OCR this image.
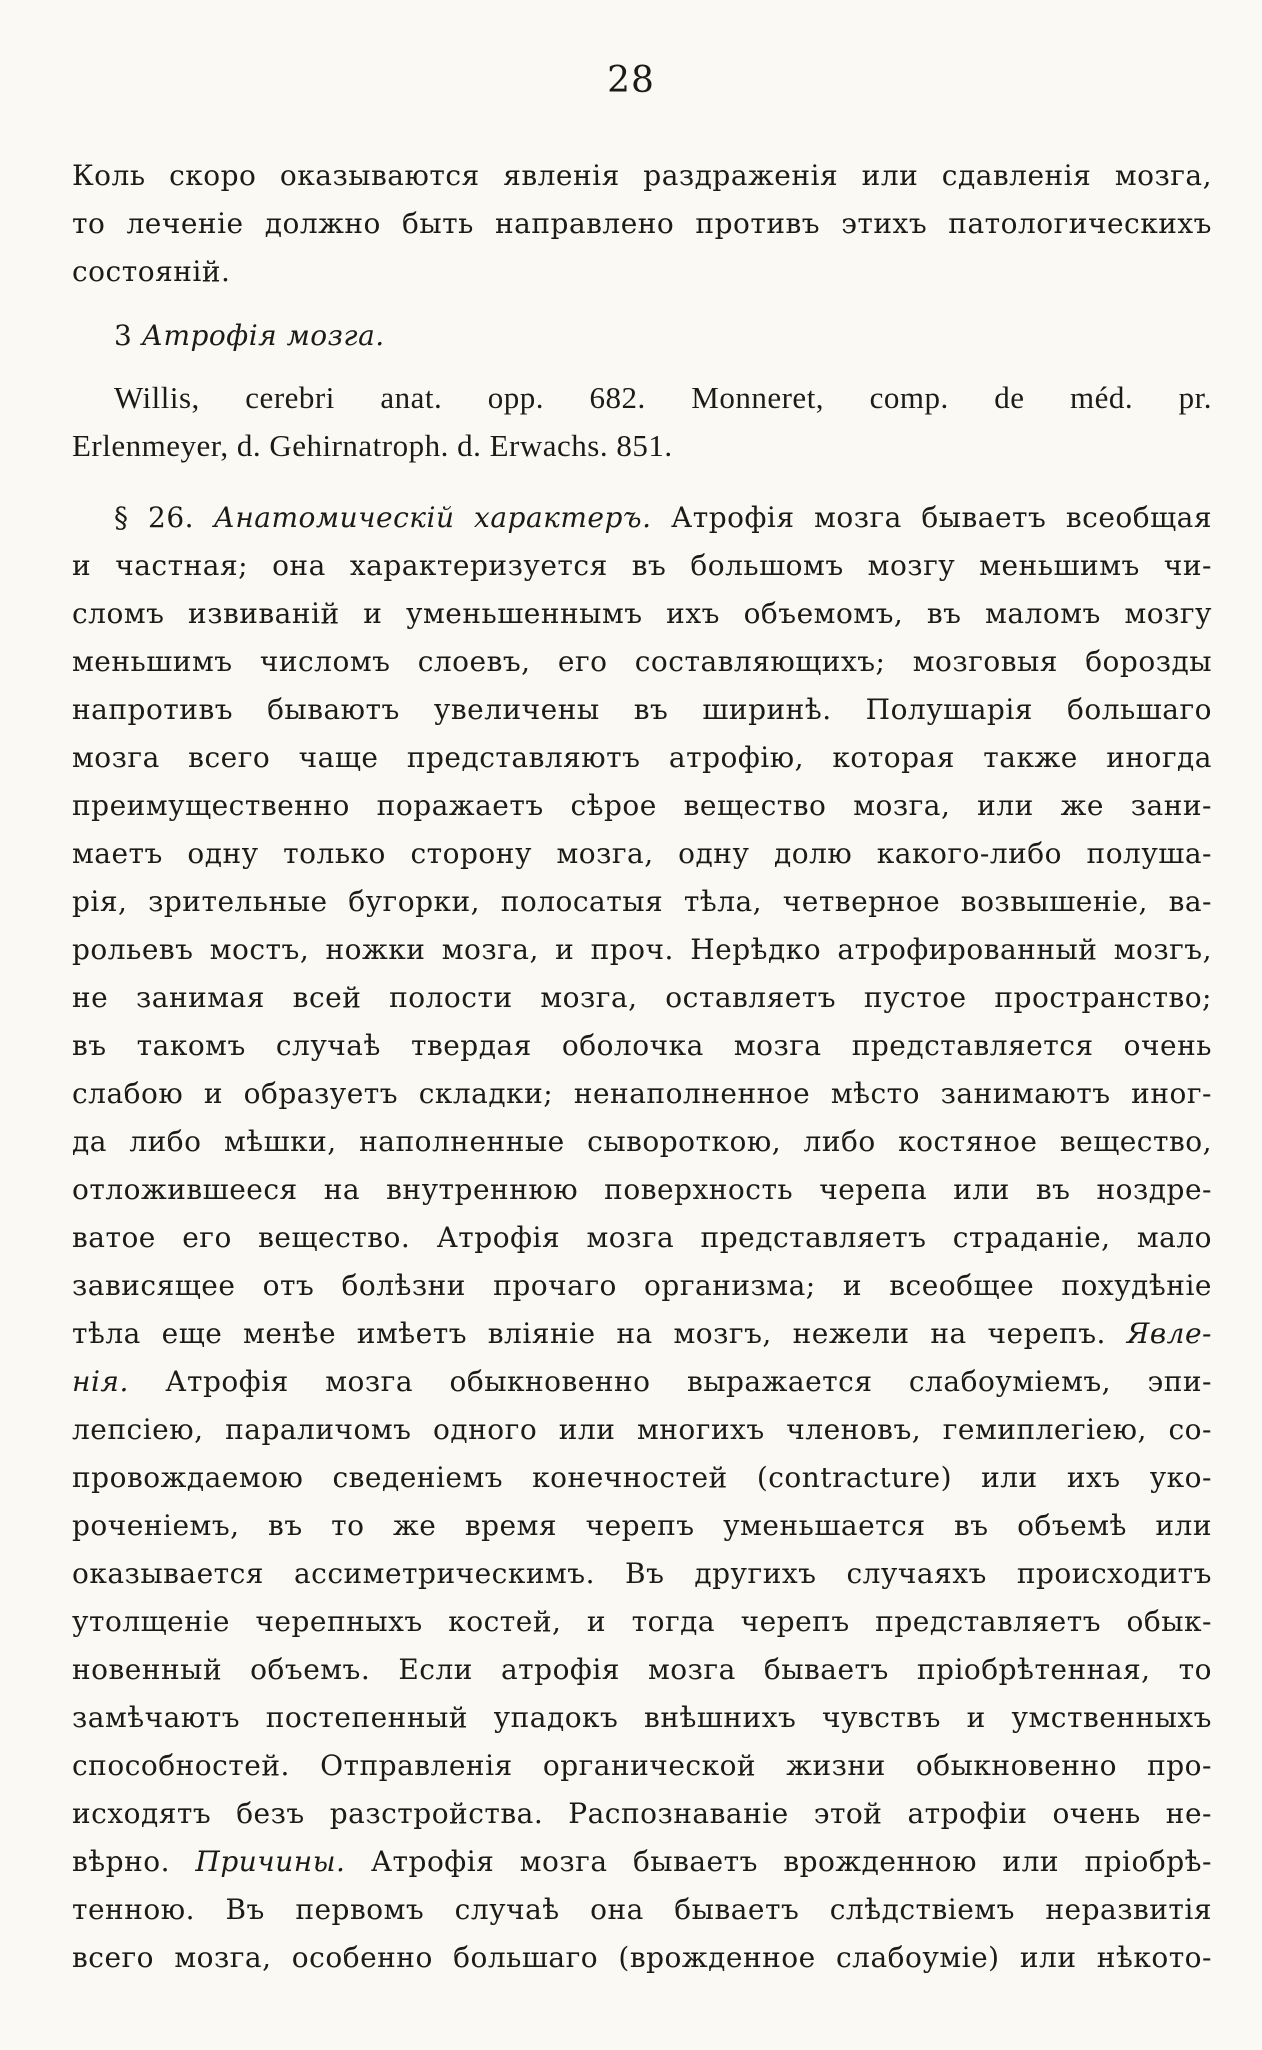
28
Коль скоро оказываются явленія раздраженія или сдавленія мозга,
то леченіе должно быть направлено противъ этихъ патологическихъ
состояній.
3 Атрофія мозга.
Willis, cerebri anat. opp. 682. Monneret, comp. de méd. pr.
Erlenmeyer, d. Gehirnatroph. d. Erwachs. 851.
§ 26. Анатомическій характеръ. Атрофія мозга бываетъ всеобщая
и частная; она характеризуется въ большомъ мозгу меньшимъ чи-
сломъ извиваній и уменьшеннымъ ихъ объемомъ, въ маломъ мозгу
меньшимъ числомъ слоевъ, его составляющихъ; мозговыя борозды
напротивъ бываютъ увеличены въ ширинѣ. Полушарія большаго
мозга всего чаще представляютъ атрофію, которая также иногда
преимущественно поражаетъ сѣрое вещество мозга, или же зани-
маетъ одну только сторону мозга, одну долю какого-либо полуша-
рія, зрительные бугорки, полосатыя тѣла, четверное возвышеніе, ва-
рольевъ мостъ, ножки мозга, и проч. Нерѣдко атрофированный мозгъ,
не занимая всей полости мозга, оставляетъ пустое пространство;
въ такомъ случаѣ твердая оболочка мозга представляется очень
слабою и образуетъ складки; ненаполненное мѣсто занимаютъ иног-
да либо мѣшки, наполненные сывороткою, либо костяное вещество,
отложившееся на внутреннюю поверхность черепа или въ ноздре-
ватое его вещество. Атрофія мозга представляетъ страданіе, мало
зависящее отъ болѣзни прочаго организма; и всеобщее похудѣніе
тѣла еще менѣе имѣетъ вліяніе на мозгъ, нежели на черепъ. Явле-
нія. Атрофія мозга обыкновенно выражается слабоуміемъ, эпи-
лепсіею, параличомъ одного или многихъ членовъ, гемиплегіею, со-
провождаемою сведеніемъ конечностей (contracture) или ихъ уко-
роченіемъ, въ то же время черепъ уменьшается въ объемѣ или
оказывается ассиметрическимъ. Въ другихъ случаяхъ происходитъ
утолщеніе черепныхъ костей, и тогда черепъ представляетъ обык-
новенный объемъ. Если атрофія мозга бываетъ пріобрѣтенная, то
замѣчаютъ постепенный упадокъ внѣшнихъ чувствъ и умственныхъ
способностей. Отправленія органической жизни обыкновенно про-
исходятъ безъ разстройства. Распознаваніе этой атрофіи очень не-
вѣрно. Причины. Атрофія мозга бываетъ врожденною или пріобрѣ-
тенною. Въ первомъ случаѣ она бываетъ слѣдствіемъ неразвитія
всего мозга, особенно большаго (врожденное слабоуміе) или нѣкото-
